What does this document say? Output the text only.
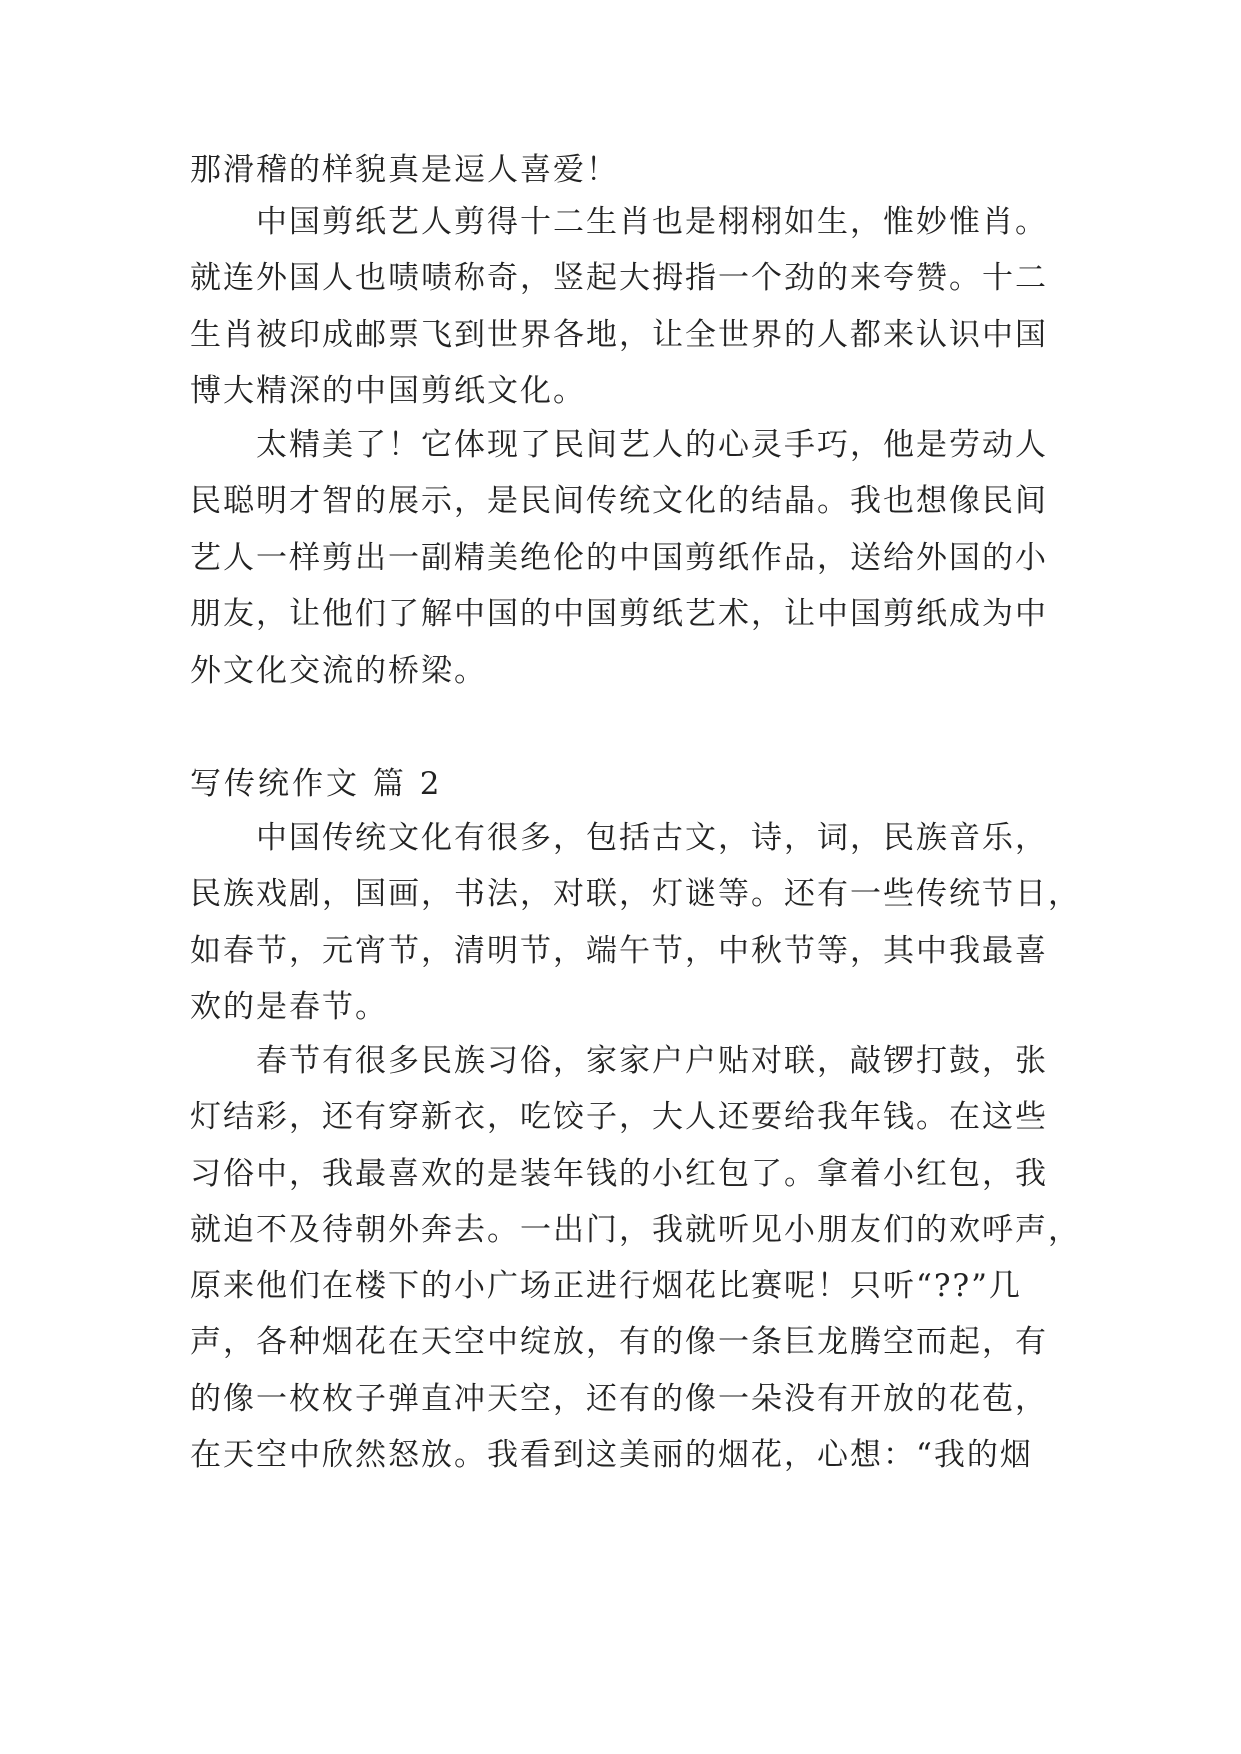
那滑稽的样貌真是逗人喜爱！
中国剪纸艺人剪得十二生肖也是栩栩如生，惟妙惟肖。
就连外国人也啧啧称奇，竖起大拇指一个劲的来夸赞。十二
生肖被印成邮票飞到世界各地，让全世界的人都来认识中国
博大精深的中国剪纸文化。
太精美了！它体现了民间艺人的心灵手巧，他是劳动人
民聪明才智的展示，是民间传统文化的结晶。我也想像民间
艺人一样剪出一副精美绝伦的中国剪纸作品，送给外国的小
朋友，让他们了解中国的中国剪纸艺术，让中国剪纸成为中
外文化交流的桥梁。
写传统作文 篇 2
中国传统文化有很多，包括古文，诗，词，民族音乐，
民族戏剧，国画，书法，对联，灯谜等。还有一些传统节日，
如春节，元宵节，清明节，端午节，中秋节等，其中我最喜
欢的是春节。
春节有很多民族习俗，家家户户贴对联，敲锣打鼓，张
灯结彩，还有穿新衣，吃饺子，大人还要给我年钱。在这些
习俗中，我最喜欢的是装年钱的小红包了。拿着小红包，我
就迫不及待朝外奔去。一出门，我就听见小朋友们的欢呼声，
原来他们在楼下的小广场正进行烟花比赛呢！只听“??”几
声，各种烟花在天空中绽放，有的像一条巨龙腾空而起，有
的像一枚枚子弹直冲天空，还有的像一朵没有开放的花苞，
在天空中欣然怒放。我看到这美丽的烟花，心想：“我的烟
